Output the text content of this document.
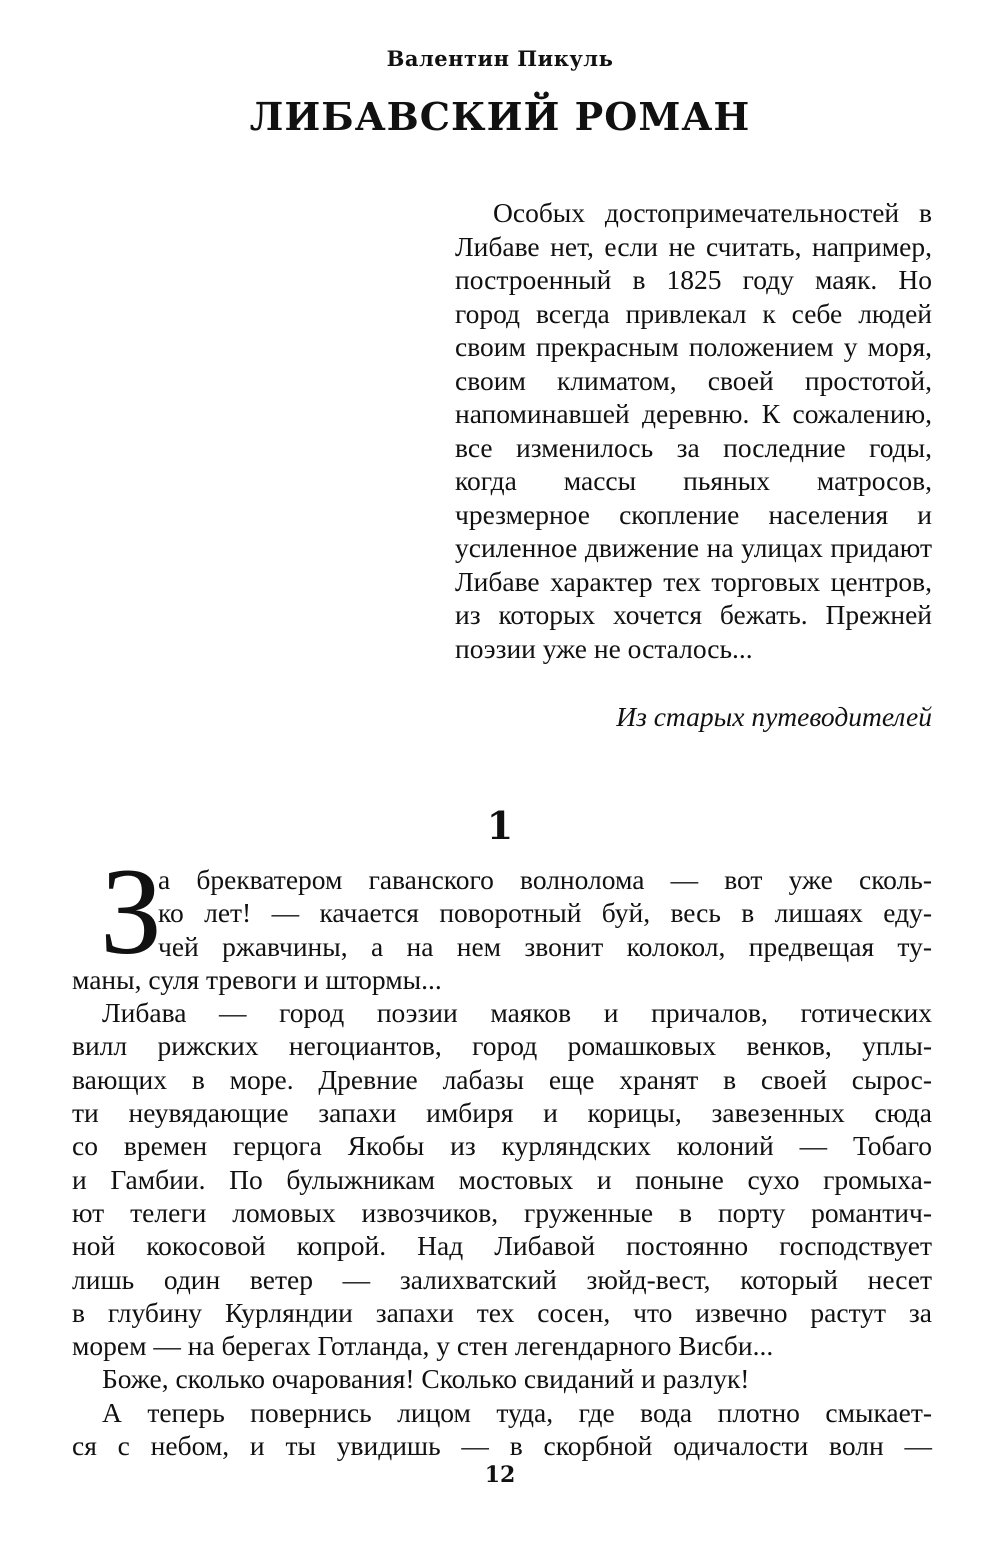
Валентин Пикуль
ЛИБАВСКИЙ РОМАН
Особых достопримечательностей в Либаве нет, если не считать, например, построенный в 1825 году маяк. Но город всегда привлекал к себе людей своим прекрасным положением у моря, своим климатом, своей простотой, напоминавшей деревню. К сожалению, все изменилось за последние годы, когда массы пьяных матросов, чрезмерное скопление населения и усиленное движение на улицах придают Либаве характер тех торговых центров, из которых хочется бежать. Прежней поэзии уже не осталось...
Из старых путеводителей
1
З
а брекватером гаванского волнолома — вот уже сколь-
ко лет! — качается поворотный буй, весь в лишаях еду-
чей ржавчины, а на нем звонит колокол, предвещая ту-
маны, суля тревоги и штормы...
Либава — город поэзии маяков и причалов, готических
вилл рижских негоциантов, город ромашковых венков, уплы-
вающих в море. Древние лабазы еще хранят в своей сырос-
ти неувядающие запахи имбиря и корицы, завезенных сюда
со времен герцога Якобы из курляндских колоний — Тобаго
и Гамбии. По булыжникам мостовых и поныне сухо громыха-
ют телеги ломовых извозчиков, груженные в порту романтич-
ной кокосовой копрой. Над Либавой постоянно господствует
лишь один ветер — залихватский зюйд-вест, который несет
в глубину Курляндии запахи тех сосен, что извечно растут за
морем — на берегах Готланда, у стен легендарного Висби...
Боже, сколько очарования! Сколько свиданий и разлук!
А теперь повернись лицом туда, где вода плотно смыкает-
ся с небом, и ты увидишь — в скорбной одичалости волн —
12
